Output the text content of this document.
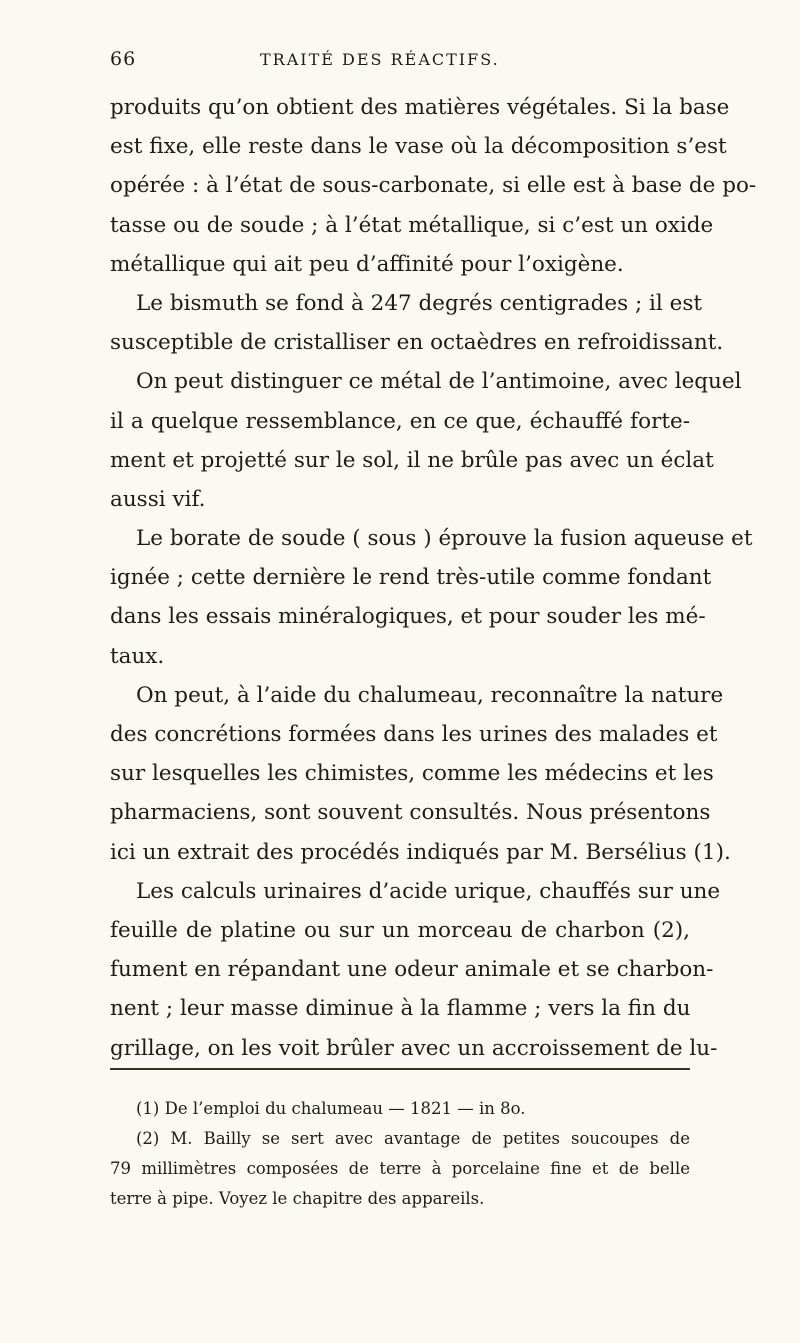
66	TRAITÉ DES RÉACTIFS.
produits qu’on obtient des matières végétales. Si la base
est fixe, elle reste dans le vase où la décomposition s’est
opérée : à l’état de sous-carbonate, si elle est à base de po-
tasse ou de soude ; à l’état métallique, si c’est un oxide
métallique qui ait peu d’affinité pour l’oxigène.
Le bismuth se fond à 247 degrés centigrades ; il est
susceptible de cristalliser en octaèdres en refroidissant.
On peut distinguer ce métal de l’antimoine, avec lequel
il a quelque ressemblance, en ce que, échauffé forte-
ment et projetté sur le sol, il ne brûle pas avec un éclat
aussi vif.
Le borate de soude ( sous ) éprouve la fusion aqueuse et
ignée ; cette dernière le rend très-utile comme fondant
dans les essais minéralogiques, et pour souder les mé-
taux.
On peut, à l’aide du chalumeau, reconnaître la nature
des concrétions formées dans les urines des malades et
sur lesquelles les chimistes, comme les médecins et les
pharmaciens, sont souvent consultés. Nous présentons
ici un extrait des procédés indiqués par M. Bersélius (1).
Les calculs urinaires d’acide urique, chauffés sur une
feuille de platine ou sur un morceau de charbon (2),
fument en répandant une odeur animale et se charbon-
nent ; leur masse diminue à la flamme ; vers la fin du
grillage, on les voit brûler avec un accroissement de lu-
(1) De l’emploi du chalumeau — 1821 — in 8o.
(2) M. Bailly se sert avec avantage de petites soucoupes de
79 millimètres composées de terre à porcelaine fine et de belle
terre à pipe. Voyez le chapitre des appareils.
